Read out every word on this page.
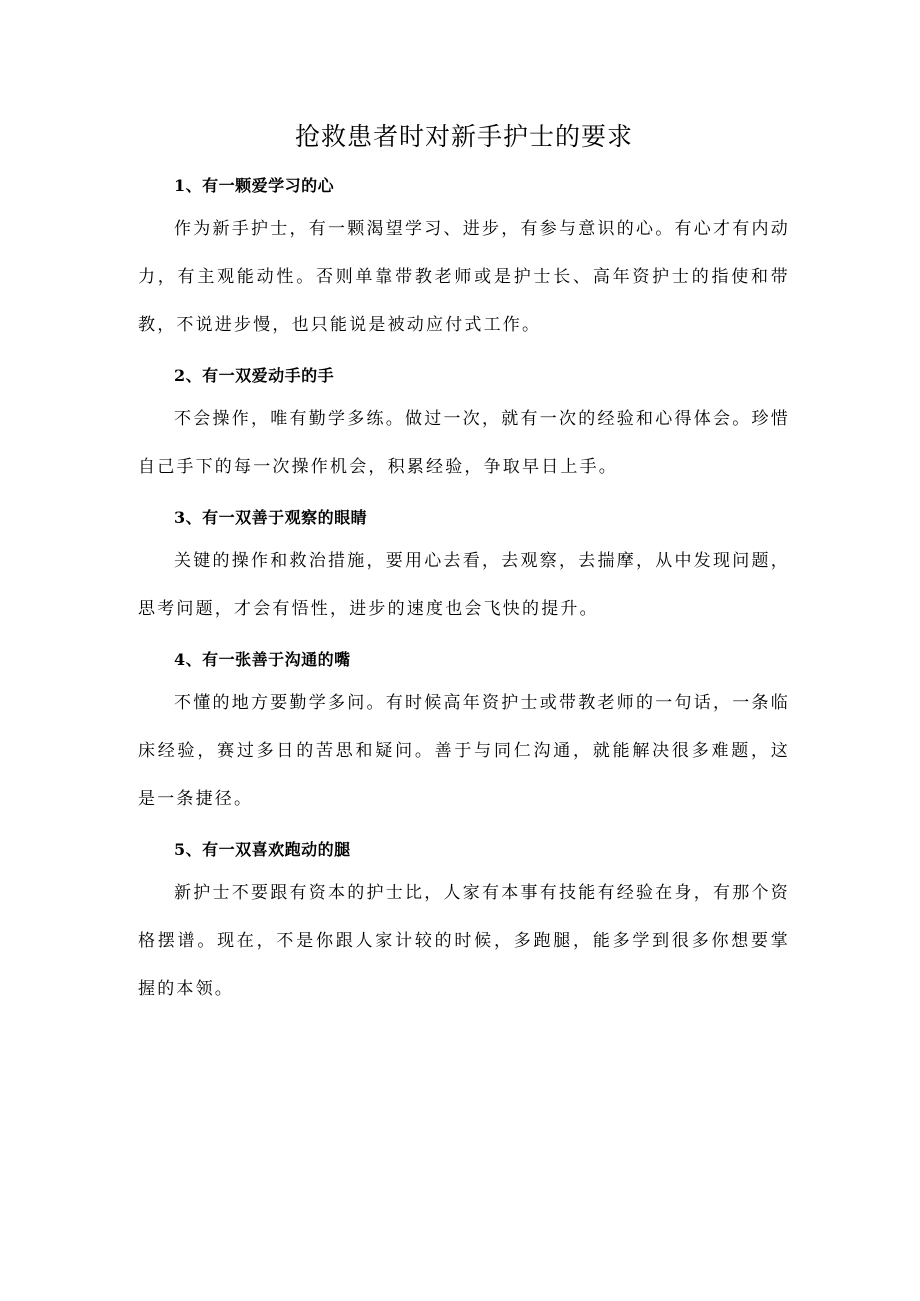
抢救患者时对新手护士的要求
1、有一颗爱学习的心

作为新手护士，有一颗渴望学习、进步，有参与意识的心。有心才有内动力，有主观能动性。否则单靠带教老师或是护士长、高年资护士的指使和带教，不说进步慢，也只能说是被动应付式工作。

2、有一双爱动手的手

不会操作，唯有勤学多练。做过一次，就有一次的经验和心得体会。珍惜自己手下的每一次操作机会，积累经验，争取早日上手。

3、有一双善于观察的眼睛

关键的操作和救治措施，要用心去看，去观察，去揣摩，从中发现问题，思考问题，才会有悟性，进步的速度也会飞快的提升。

4、有一张善于沟通的嘴

不懂的地方要勤学多问。有时候高年资护士或带教老师的一句话，一条临床经验，赛过多日的苦思和疑问。善于与同仁沟通，就能解决很多难题，这是一条捷径。

5、有一双喜欢跑动的腿

新护士不要跟有资本的护士比，人家有本事有技能有经验在身，有那个资格摆谱。现在，不是你跟人家计较的时候，多跑腿，能多学到很多你想要掌握的本领。
